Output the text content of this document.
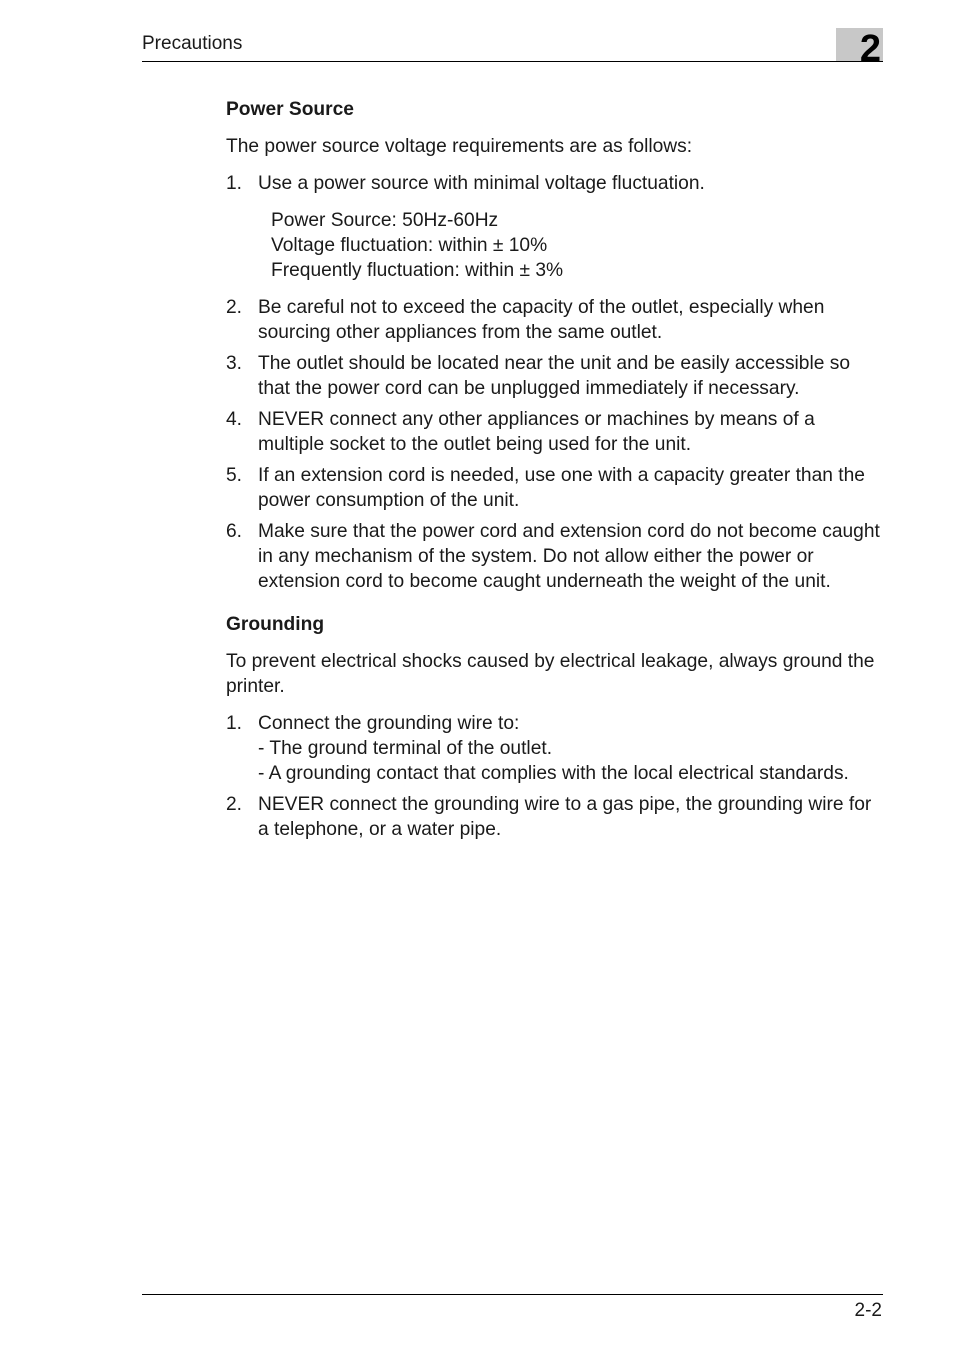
Precautions	2
Power Source

The power source voltage requirements are as follows:

1. Use a power source with minimal voltage fluctuation.
Power Source: 50Hz-60Hz
Voltage fluctuation: within ± 10%
Frequently fluctuation: within ± 3%
2. Be careful not to exceed the capacity of the outlet, especially when sourcing other appliances from the same outlet.
3. The outlet should be located near the unit and be easily accessible so that the power cord can be unplugged immediately if necessary.
4. NEVER connect any other appliances or machines by means of a multiple socket to the outlet being used for the unit.
5. If an extension cord is needed, use one with a capacity greater than the power consumption of the unit.
6. Make sure that the power cord and extension cord do not become caught in any mechanism of the system. Do not allow either the power or extension cord to become caught underneath the weight of the unit.
Grounding

To prevent electrical shocks caused by electrical leakage, always ground the printer.

1. Connect the grounding wire to:
- The ground terminal of the outlet.
- A grounding contact that complies with the local electrical standards.
2. NEVER connect the grounding wire to a gas pipe, the grounding wire for a telephone, or a water pipe.
2-2
